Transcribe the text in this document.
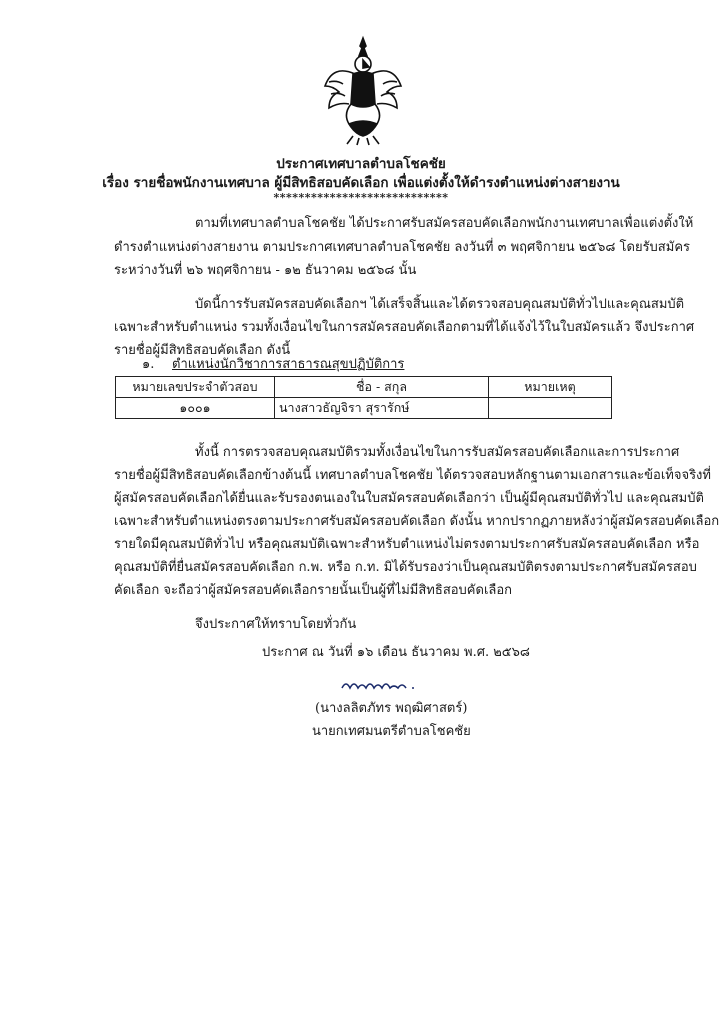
ประกาศเทศบาลตำบลโชคชัย
เรื่อง รายชื่อพนักงานเทศบาล ผู้มีสิทธิสอบคัดเลือก เพื่อแต่งตั้งให้ดำรงตำแหน่งต่างสายงาน
****************************
ตามที่เทศบาลตำบลโชคชัย ได้ประกาศรับสมัครสอบคัดเลือกพนักงานเทศบาลเพื่อแต่งตั้งให้
ดำรงตำแหน่งต่างสายงาน ตามประกาศเทศบาลตำบลโชคชัย ลงวันที่ ๓ พฤศจิกายน ๒๕๖๘ โดยรับสมัคร
ระหว่างวันที่ ๒๖ พฤศจิกายน - ๑๒ ธันวาคม ๒๕๖๘ นั้น
บัดนี้การรับสมัครสอบคัดเลือกฯ ได้เสร็จสิ้นและได้ตรวจสอบคุณสมบัติทั่วไปและคุณสมบัติ
เฉพาะสำหรับตำแหน่ง รวมทั้งเงื่อนไขในการสมัครสอบคัดเลือกตามที่ได้แจ้งไว้ในใบสมัครแล้ว จึงประกาศ
รายชื่อผู้มีสิทธิสอบคัดเลือก ดังนี้
๑. ตำแหน่งนักวิชาการสาธารณสุขปฏิบัติการ
หมายเลขประจำตัวสอบ	ชื่อ - สกุล	หมายเหตุ
๑๐๐๑	นางสาวธัญจิรา สุรารักษ์	
ทั้งนี้ การตรวจสอบคุณสมบัติรวมทั้งเงื่อนไขในการรับสมัครสอบคัดเลือกและการประกาศ
รายชื่อผู้มีสิทธิสอบคัดเลือกข้างต้นนี้ เทศบาลตำบลโชคชัย ได้ตรวจสอบหลักฐานตามเอกสารและข้อเท็จจริงที่
ผู้สมัครสอบคัดเลือกได้ยื่นและรับรองตนเองในใบสมัครสอบคัดเลือกว่า เป็นผู้มีคุณสมบัติทั่วไป และคุณสมบัติ
เฉพาะสำหรับตำแหน่งตรงตามประกาศรับสมัครสอบคัดเลือก ดังนั้น หากปรากฏภายหลังว่าผู้สมัครสอบคัดเลือก
รายใดมีคุณสมบัติทั่วไป หรือคุณสมบัติเฉพาะสำหรับตำแหน่งไม่ตรงตามประกาศรับสมัครสอบคัดเลือก หรือ
คุณสมบัติที่ยื่นสมัครสอบคัดเลือก ก.พ. หรือ ก.ท. มิได้รับรองว่าเป็นคุณสมบัติตรงตามประกาศรับสมัครสอบ
คัดเลือก จะถือว่าผู้สมัครสอบคัดเลือกรายนั้นเป็นผู้ที่ไม่มีสิทธิสอบคัดเลือก
จึงประกาศให้ทราบโดยทั่วกัน
ประกาศ ณ วันที่ ๑๖ เดือน ธันวาคม พ.ศ. ๒๕๖๘
(นางลลิตภัทร พฤฒิศาสตร์)
นายกเทศมนตรีตำบลโชคชัย
